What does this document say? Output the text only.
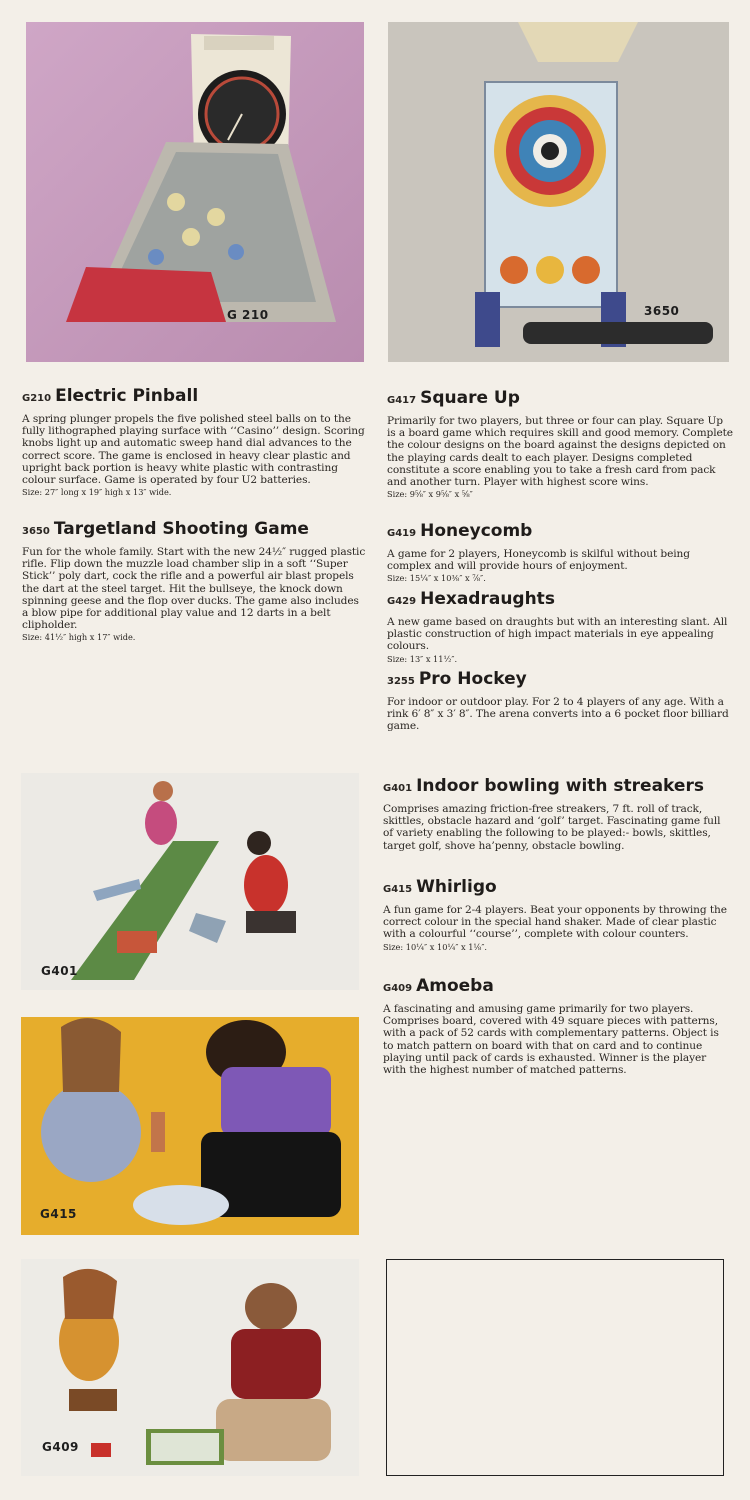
G 210	3650
G401
G415
G409
G210 Electric Pinball

A spring plunger propels the five polished steel balls on to the fully lithographed playing surface with ‘‘Casino’’ design. Scoring knobs light up and automatic sweep hand dial advances to the correct score. The game is enclosed in heavy clear plastic and upright back portion is heavy white plastic with contrasting colour surface. Game is operated by four U2 batteries.

Size: 27″ long x 19″ high x 13″ wide.
3650 Targetland Shooting Game

Fun for the whole family. Start with the new 24½″ rugged plastic rifle. Flip down the muzzle load chamber slip in a soft ‘‘Super Stick’’ poly dart, cock the rifle and a powerful air blast propels the dart at the steel target. Hit the bullseye, the knock down spinning geese and the flop over ducks. The game also includes a blow pipe for additional play value and 12 darts in a belt clipholder.

Size: 41½″ high x 17″ wide.
G417 Square Up

Primarily for two players, but three or four can play. Square Up is a board game which requires skill and good memory. Complete the colour designs on the board against the designs depicted on the playing cards dealt to each player. Designs completed constitute a score enabling you to take a fresh card from pack and another turn. Player with highest score wins.

Size: 9⅝″ x 9⅝″ x ⅝″
G419 Honeycomb

A game for 2 players, Honeycomb is skilful without being complex and will provide hours of enjoyment.

Size: 15¼″ x 10⅜″ x ⅞″.
G429 Hexadraughts

A new game based on draughts but with an interesting slant. All plastic construction of high impact materials in eye appealing colours.

Size: 13″ x 11½″.
3255 Pro Hockey

For indoor or outdoor play. For 2 to 4 players of any age. With a rink 6′ 8″ x 3′ 8″. The arena converts into a 6 pocket floor billiard game.

G401 Indoor bowling with streakers

Comprises amazing friction-free streakers, 7 ft. roll of track, skittles, obstacle hazard and ‘golf’ target. Fascinating game full of variety enabling the following to be played:- bowls, skittles, target golf, shove ha’penny, obstacle bowling.

G415 Whirligo

A fun game for 2-4 players. Beat your opponents by throwing the correct colour in the special hand shaker. Made of clear plastic with a colourful ‘‘course’’, complete with colour counters.

Size: 10¼″ x 10¼″ x 1⅛″.
G409 Amoeba

A fascinating and amusing game primarily for two players. Comprises board, covered with 49 square pieces with patterns, with a pack of 52 cards with complementary patterns. Object is to match pattern on board with that on card and to continue playing until pack of cards is exhausted. Winner is the player with the highest number of matched patterns.
